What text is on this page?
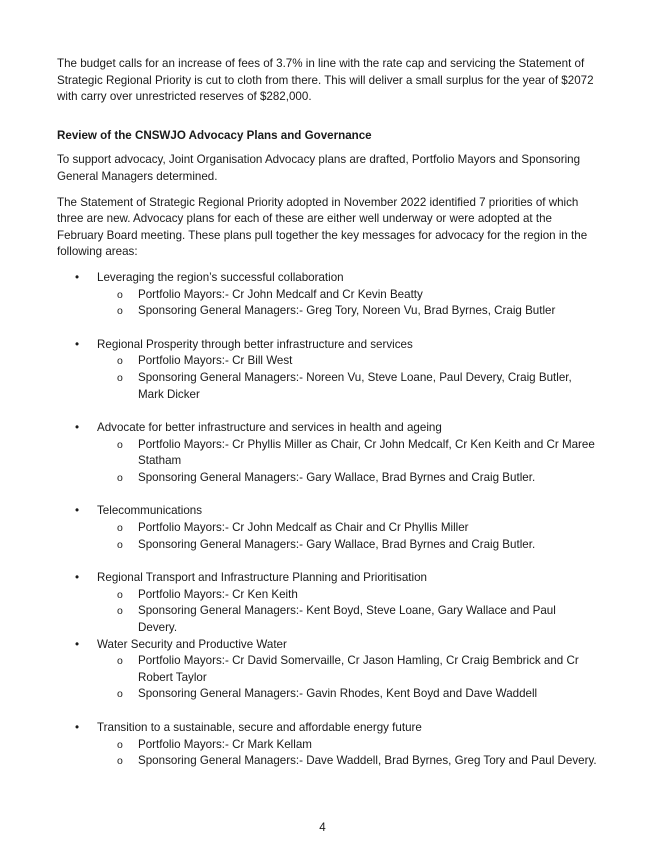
The budget calls for an increase of fees of 3.7% in line with the rate cap and servicing the Statement of Strategic Regional Priority is cut to cloth from there. This will deliver a small surplus for the year of $2072 with carry over unrestricted reserves of $282,000.

Review of the CNSWJO Advocacy Plans and Governance

To support advocacy, Joint Organisation Advocacy plans are drafted, Portfolio Mayors and Sponsoring General Managers determined.

The Statement of Strategic Regional Priority adopted in November 2022 identified 7 priorities of which three are new. Advocacy plans for each of these are either well underway or were adopted at the February Board meeting. These plans pull together the key messages for advocacy for the region in the following areas:

• Leveraging the region’s successful collaboration
o Portfolio Mayors:- Cr John Medcalf and Cr Kevin Beatty
o Sponsoring General Managers:- Greg Tory, Noreen Vu, Brad Byrnes, Craig Butler
• Regional Prosperity through better infrastructure and services
o Portfolio Mayors:- Cr Bill West
o Sponsoring General Managers:- Noreen Vu, Steve Loane, Paul Devery, Craig Butler, Mark Dicker
• Advocate for better infrastructure and services in health and ageing
o Portfolio Mayors:- Cr Phyllis Miller as Chair, Cr John Medcalf, Cr Ken Keith and Cr Maree Statham
o Sponsoring General Managers:- Gary Wallace, Brad Byrnes and Craig Butler.
• Telecommunications
o Portfolio Mayors:- Cr John Medcalf as Chair and Cr Phyllis Miller
o Sponsoring General Managers:- Gary Wallace, Brad Byrnes and Craig Butler.
• Regional Transport and Infrastructure Planning and Prioritisation
o Portfolio Mayors:- Cr Ken Keith
o Sponsoring General Managers:- Kent Boyd, Steve Loane, Gary Wallace and Paul Devery.
• Water Security and Productive Water
o Portfolio Mayors:- Cr David Somervaille, Cr Jason Hamling, Cr Craig Bembrick and Cr Robert Taylor
o Sponsoring General Managers:- Gavin Rhodes, Kent Boyd and Dave Waddell
• Transition to a sustainable, secure and affordable energy future
o Portfolio Mayors:- Cr Mark Kellam
o Sponsoring General Managers:- Dave Waddell, Brad Byrnes, Greg Tory and Paul Devery.
4
